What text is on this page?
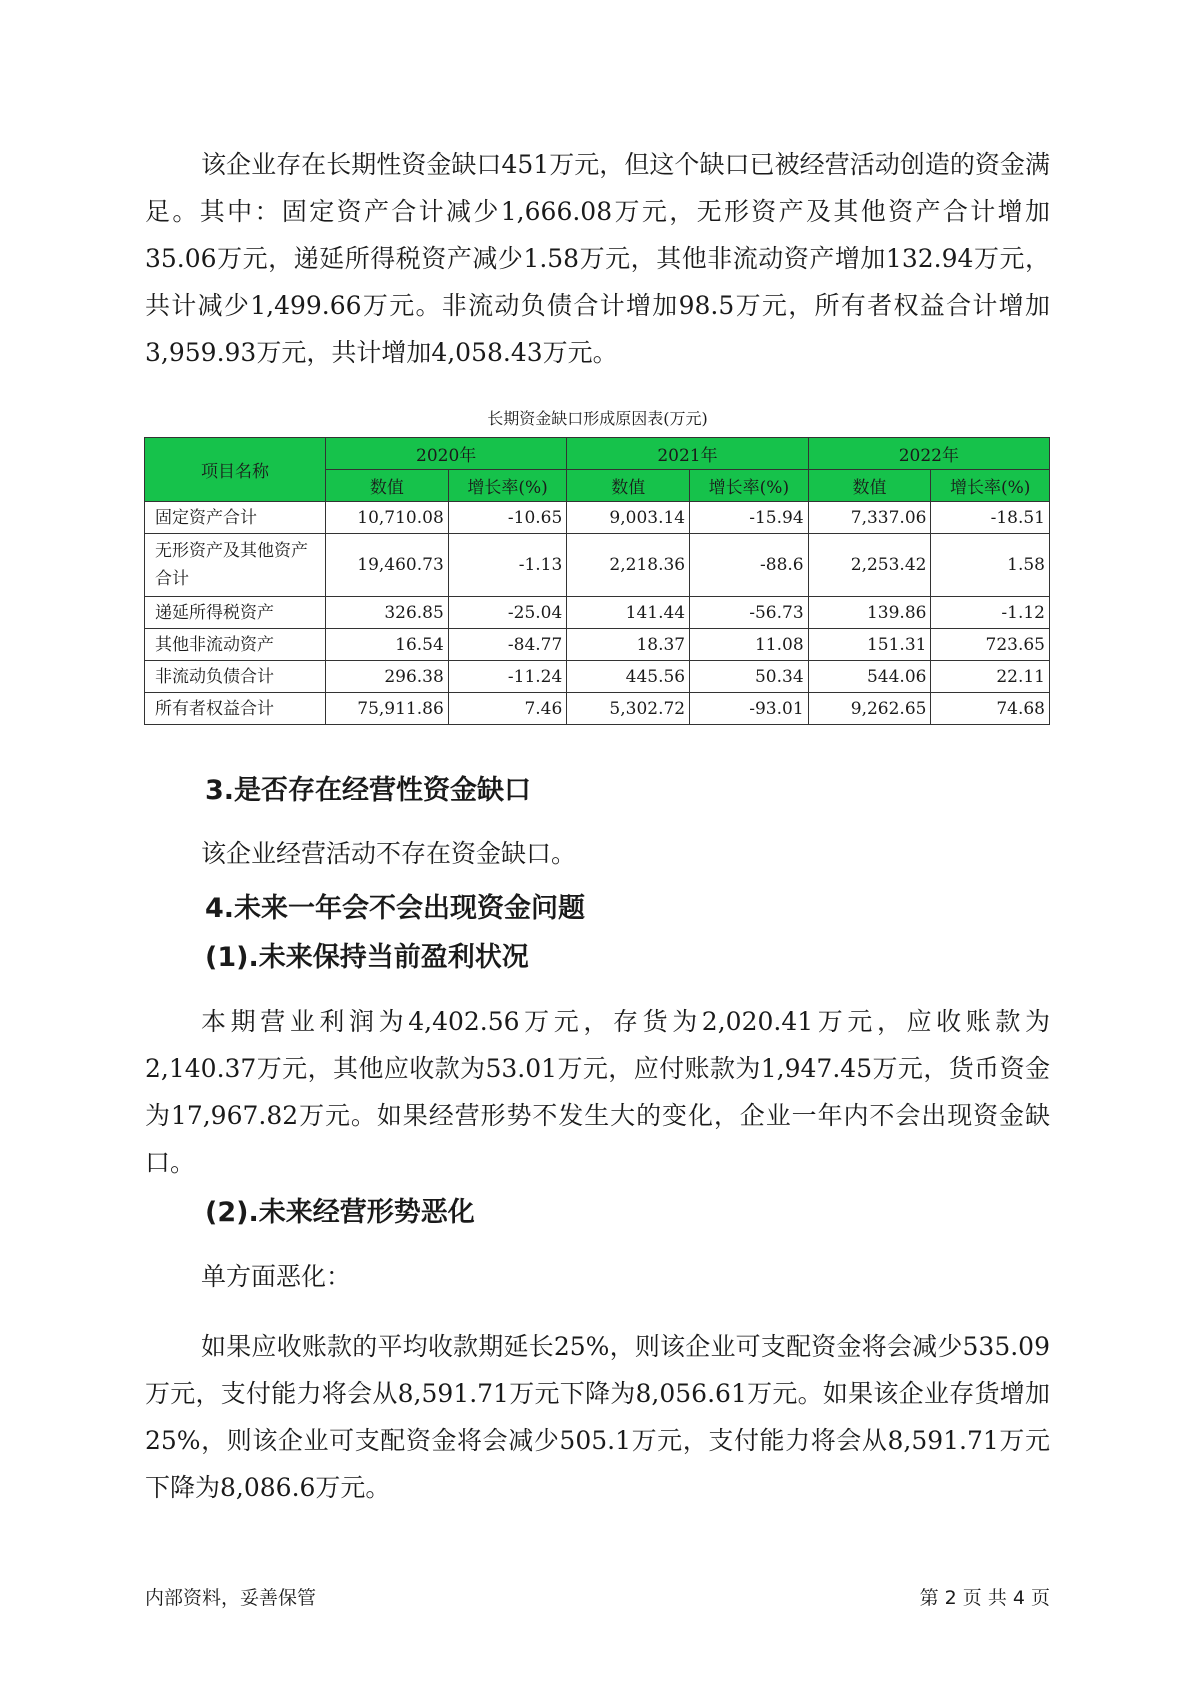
该企业存在长期性资金缺口451万元，但这个缺口已被经营活动创造的资金满足。其中：固定资产合计减少1,666.08万元，无形资产及其他资产合计增加35.06万元，递延所得税资产减少1.58万元，其他非流动资产增加132.94万元，共计减少1,499.66万元。非流动负债合计增加98.5万元，所有者权益合计增加3,959.93万元，共计增加4,058.43万元。

长期资金缺口形成原因表(万元)
项目名称	2020年		2021年		2022年	
	数值	增长率(%)	数值	增长率(%)	数值	增长率(%)
固定资产合计	10,710.08	-10.65	9,003.14	-15.94	7,337.06	-18.51
无形资产及其他资产合计	19,460.73	-1.13	2,218.36	-88.6	2,253.42	1.58
递延所得税资产	326.85	-25.04	141.44	-56.73	139.86	-1.12
其他非流动资产	16.54	-84.77	18.37	11.08	151.31	723.65
非流动负债合计	296.38	-11.24	445.56	50.34	544.06	22.11
所有者权益合计	75,911.86	7.46	5,302.72	-93.01	9,262.65	74.68
3.是否存在经营性资金缺口

该企业经营活动不存在资金缺口。

4.未来一年会不会出现资金问题
(1).未来保持当前盈利状况

本期营业利润为4,402.56万元，存货为2,020.41万元，应收账款为2,140.37万元，其他应收款为53.01万元，应付账款为1,947.45万元，货币资金为17,967.82万元。如果经营形势不发生大的变化，企业一年内不会出现资金缺口。

(2).未来经营形势恶化

单方面恶化：

如果应收账款的平均收款期延长25%，则该企业可支配资金将会减少535.09万元，支付能力将会从8,591.71万元下降为8,056.61万元。如果该企业存货增加25%，则该企业可支配资金将会减少505.1万元，支付能力将会从8,591.71万元下降为8,086.6万元。

内部资料，妥善保管	第 2 页 共 4 页
